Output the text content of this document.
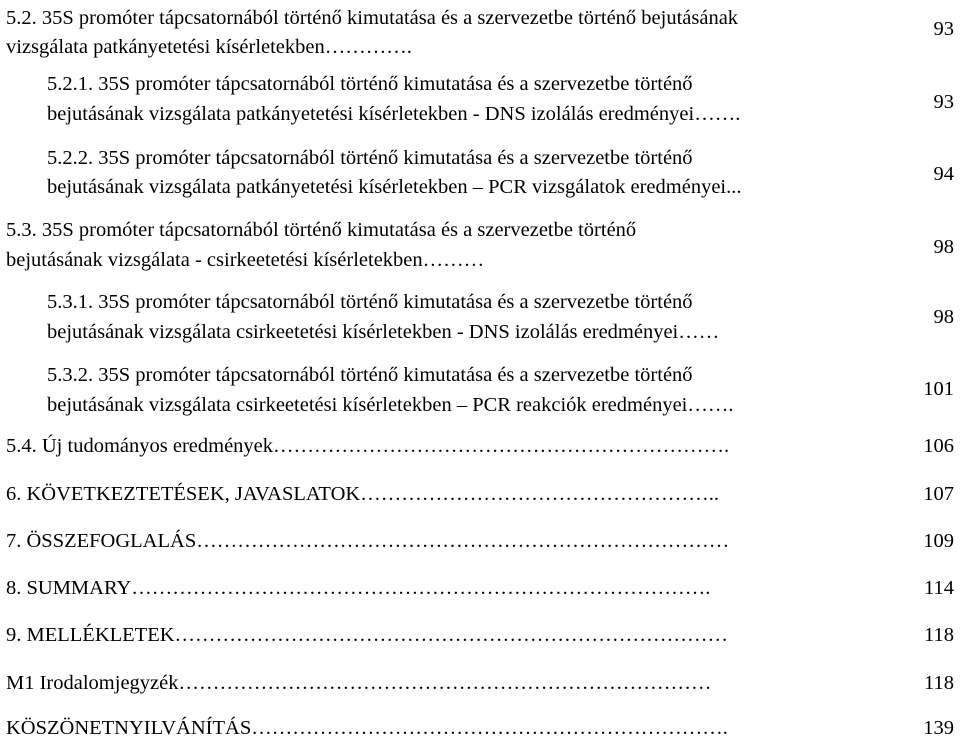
5.2. 35S promóter tápcsatornából történő kimutatása és a szervezetbe történő bejutásának
vizsgálata patkányetetési kísérletekben………….
93
5.2.1. 35S promóter tápcsatornából történő kimutatása és a szervezetbe történő
bejutásának vizsgálata patkányetetési kísérletekben - DNS izolálás eredményei…….
93
5.2.2. 35S promóter tápcsatornából történő kimutatása és a szervezetbe történő
bejutásának vizsgálata patkányetetési kísérletekben – PCR vizsgálatok eredményei...
94
5.3. 35S promóter tápcsatornából történő kimutatása és a szervezetbe történő
bejutásának vizsgálata - csirkeetetési kísérletekben………
98
5.3.1. 35S promóter tápcsatornából történő kimutatása és a szervezetbe történő
bejutásának vizsgálata csirkeetetési kísérletekben - DNS izolálás eredményei……
98
5.3.2. 35S promóter tápcsatornából történő kimutatása és a szervezetbe történő
bejutásának vizsgálata csirkeetetési kísérletekben – PCR reakciók eredményei…….
101
5.4. Új tudományos eredmények………………………………………………………….	106
6. KÖVETKEZTETÉSEK, JAVASLATOK……………………………………………..	107
7. ÖSSZEFOGLALÁS……………………………………………………………………	109
8. SUMMARY………………………………………………………………………….	114
9. MELLÉKLETEK………………………………………………………………………	118
M1 Irodalomjegyzék……………………………………………………………………	118
KÖSZÖNETNYILVÁNÍTÁS…………………………………………………………….	139
